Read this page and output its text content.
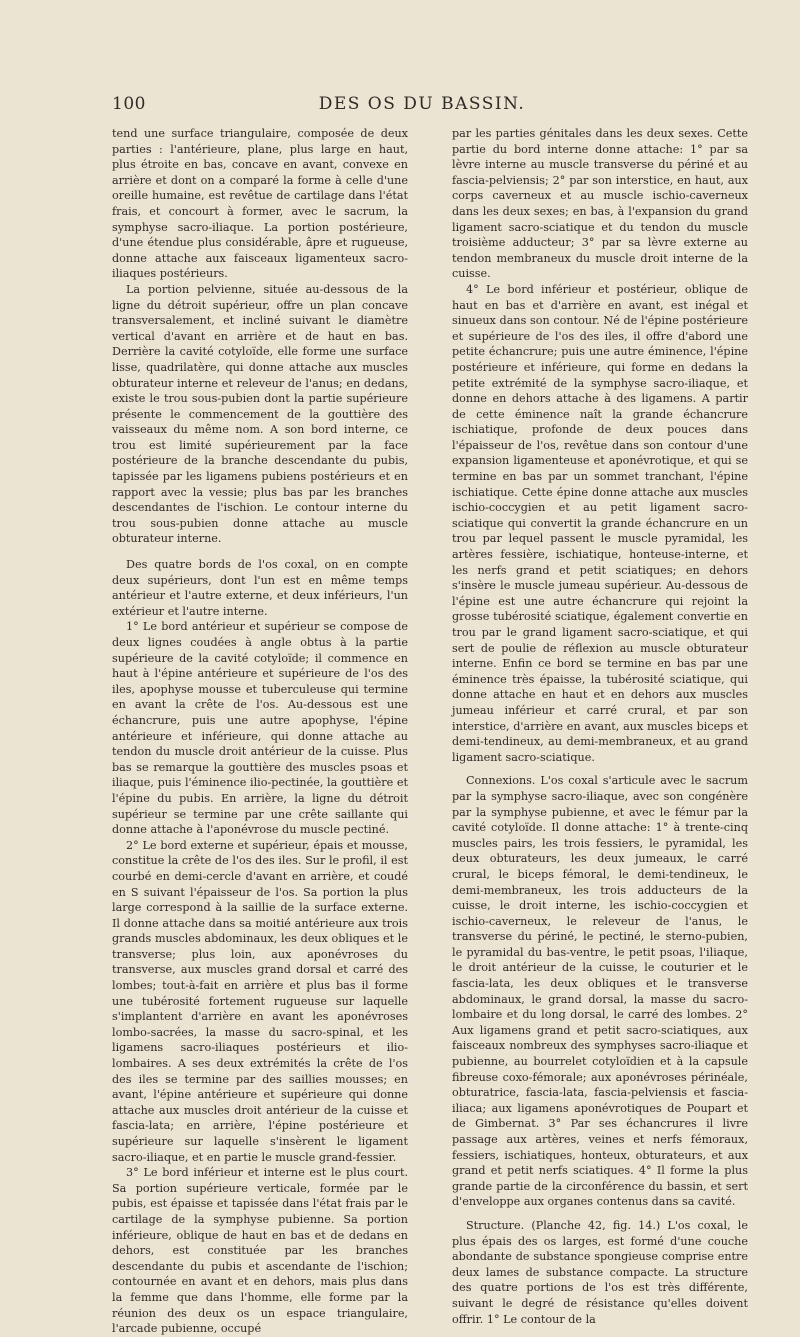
DES OS DU BASSIN.
100

tend une surface triangulaire, composée de deux parties : l'antérieure, plane, plus large en haut, plus étroite en bas, concave en avant, convexe en arrière et dont on a comparé la forme à celle d'une oreille humaine, est revêtue de cartilage dans l'état frais, et concourt à former, avec le sacrum, la symphyse sacro-iliaque. La portion postérieure, d'une étendue plus considérable, âpre et rugueuse, donne attache aux faisceaux ligamenteux sacro-iliaques postérieurs.

La portion pelvienne, située au-dessous de la ligne du détroit supérieur, offre un plan concave transversalement, et incliné suivant le diamètre vertical d'avant en arrière et de haut en bas. Derrière la cavité cotyloïde, elle forme une surface lisse, quadrilatère, qui donne attache aux muscles obturateur interne et releveur de l'anus; en dedans, existe le trou sous-pubien dont la partie supérieure présente le commencement de la gouttière des vaisseaux du même nom. A son bord interne, ce trou est limité supérieurement par la face postérieure de la branche descendante du pubis, tapissée par les ligamens pubiens postérieurs et en rapport avec la vessie; plus bas par les branches descendantes de l'ischion. Le contour interne du trou sous-pubien donne attache au muscle obturateur interne.

Des quatre bords de l'os coxal, on en compte deux supérieurs, dont l'un est en même temps antérieur et l'autre externe, et deux inférieurs, l'un extérieur et l'autre interne.

1° Le bord antérieur et supérieur se compose de deux lignes coudées à angle obtus à la partie supérieure de la cavité cotyloïde; il commence en haut à l'épine antérieure et supérieure de l'os des iles, apophyse mousse et tuberculeuse qui termine en avant la crête de l'os. Au-dessous est une échancrure, puis une autre apophyse, l'épine antérieure et inférieure, qui donne attache au tendon du muscle droit antérieur de la cuisse. Plus bas se remarque la gouttière des muscles psoas et iliaque, puis l'éminence ilio-pectinée, la gouttière et l'épine du pubis. En arrière, la ligne du détroit supérieur se termine par une crête saillante qui donne attache à l'aponévrose du muscle pectiné.

2° Le bord externe et supérieur, épais et mousse, constitue la crête de l'os des iles. Sur le profil, il est courbé en demi-cercle d'avant en arrière, et coudé en S suivant l'épaisseur de l'os. Sa portion la plus large correspond à la saillie de la surface externe. Il donne attache dans sa moitié antérieure aux trois grands muscles abdominaux, les deux obliques et le transverse; plus loin, aux aponévroses du transverse, aux muscles grand dorsal et carré des lombes; tout-à-fait en arrière et plus bas il forme une tubérosité fortement rugueuse sur laquelle s'implantent d'arrière en avant les aponévroses lombo-sacrées, la masse du sacro-spinal, et les ligamens sacro-iliaques postérieurs et ilio-lombaires. A ses deux extrémités la crête de l'os des iles se termine par des saillies mousses; en avant, l'épine antérieure et supérieure qui donne attache aux muscles droit antérieur de la cuisse et fascia-lata; en arrière, l'épine postérieure et supérieure sur laquelle s'insèrent le ligament sacro-iliaque, et en partie le muscle grand-fessier.

3° Le bord inférieur et interne est le plus court. Sa portion supérieure verticale, formée par le pubis, est épaisse et tapissée dans l'état frais par le cartilage de la symphyse pubienne. Sa portion inférieure, oblique de haut en bas et de dedans en dehors, est constituée par les branches descendante du pubis et ascendante de l'ischion; contournée en avant et en dehors, mais plus dans la femme que dans l'homme, elle forme par la réunion des deux os un espace triangulaire, l'arcade pubienne, occupé

par les parties génitales dans les deux sexes. Cette partie du bord interne donne attache: 1° par sa lèvre interne au muscle transverse du périné et au fascia-pelviensis; 2° par son interstice, en haut, aux corps caverneux et au muscle ischio-caverneux dans les deux sexes; en bas, à l'expansion du grand ligament sacro-sciatique et du tendon du muscle troisième adducteur; 3° par sa lèvre externe au tendon membraneux du muscle droit interne de la cuisse.

4° Le bord inférieur et postérieur, oblique de haut en bas et d'arrière en avant, est inégal et sinueux dans son contour. Né de l'épine postérieure et supérieure de l'os des iles, il offre d'abord une petite échancrure; puis une autre éminence, l'épine postérieure et inférieure, qui forme en dedans la petite extrémité de la symphyse sacro-iliaque, et donne en dehors attache à des ligamens. A partir de cette éminence naît la grande échancrure ischiatique, profonde de deux pouces dans l'épaisseur de l'os, revêtue dans son contour d'une expansion ligamenteuse et aponévrotique, et qui se termine en bas par un sommet tranchant, l'épine ischiatique. Cette épine donne attache aux muscles ischio-coccygien et au petit ligament sacro-sciatique qui convertit la grande échancrure en un trou par lequel passent le muscle pyramidal, les artères fessière, ischiatique, honteuse-interne, et les nerfs grand et petit sciatiques; en dehors s'insère le muscle jumeau supérieur. Au-dessous de l'épine est une autre échancrure qui rejoint la grosse tubérosité sciatique, également convertie en trou par le grand ligament sacro-sciatique, et qui sert de poulie de réflexion au muscle obturateur interne. Enfin ce bord se termine en bas par une éminence très épaisse, la tubérosité sciatique, qui donne attache en haut et en dehors aux muscles jumeau inférieur et carré crural, et par son interstice, d'arrière en avant, aux muscles biceps et demi-tendineux, au demi-membraneux, et au grand ligament sacro-sciatique.

Connexions. L'os coxal s'articule avec le sacrum par la symphyse sacro-iliaque, avec son congénère par la symphyse pubienne, et avec le fémur par la cavité cotyloïde. Il donne attache: 1° à trente-cinq muscles pairs, les trois fessiers, le pyramidal, les deux obturateurs, les deux jumeaux, le carré crural, le biceps fémoral, le demi-tendineux, le demi-membraneux, les trois adducteurs de la cuisse, le droit interne, les ischio-coccygien et ischio-caverneux, le releveur de l'anus, le transverse du périné, le pectiné, le sterno-pubien, le pyramidal du bas-ventre, le petit psoas, l'iliaque, le droit antérieur de la cuisse, le couturier et le fascia-lata, les deux obliques et le transverse abdominaux, le grand dorsal, la masse du sacro-lombaire et du long dorsal, le carré des lombes. 2° Aux ligamens grand et petit sacro-sciatiques, aux faisceaux nombreux des symphyses sacro-iliaque et pubienne, au bourrelet cotyloïdien et à la capsule fibreuse coxo-fémorale; aux aponévroses périnéale, obturatrice, fascia-lata, fascia-pelviensis et fascia-iliaca; aux ligamens aponévrotiques de Poupart et de Gimbernat. 3° Par ses échancrures il livre passage aux artères, veines et nerfs fémoraux, fessiers, ischiatiques, honteux, obturateurs, et aux grand et petit nerfs sciatiques. 4° Il forme la plus grande partie de la circonférence du bassin, et sert d'enveloppe aux organes contenus dans sa cavité.

Structure. (Planche 42, fig. 14.) L'os coxal, le plus épais des os larges, est formé d'une couche abondante de substance spongieuse comprise entre deux lames de substance compacte. La structure des quatre portions de l'os est très différente, suivant le degré de résistance qu'elles doivent offrir. 1° Le contour de la
